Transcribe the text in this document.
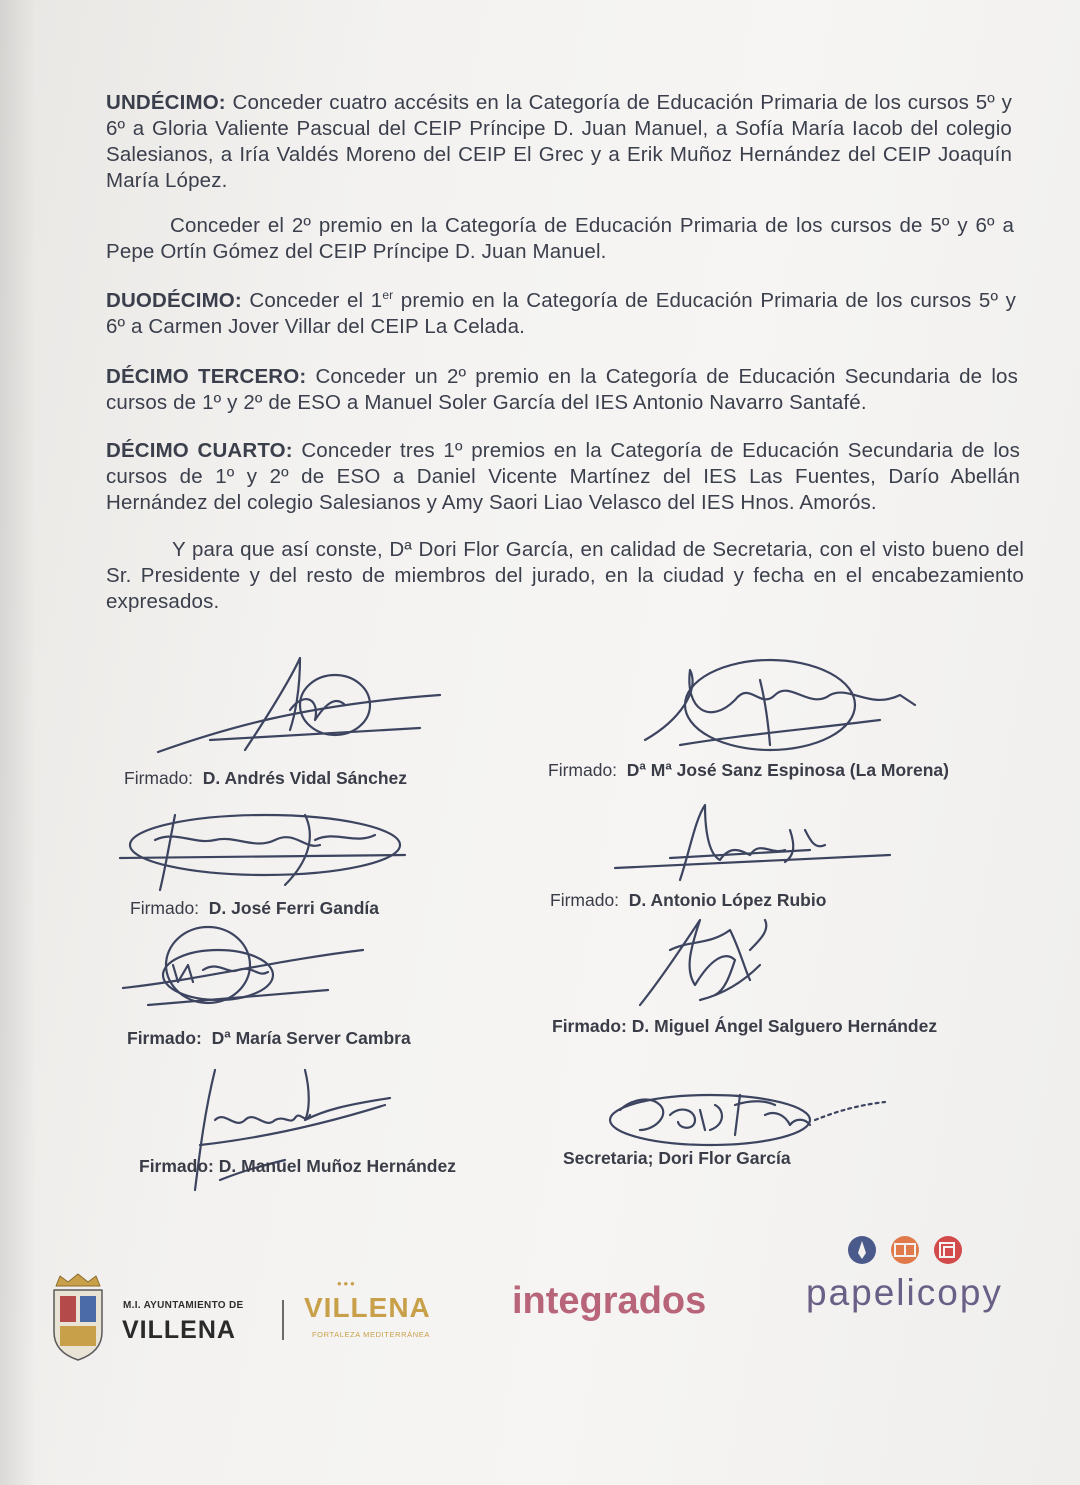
UNDÉCIMO: Conceder cuatro accésits en la Categoría de Educación Primaria de los cursos 5º y 6º a Gloria Valiente Pascual del CEIP Príncipe D. Juan Manuel, a Sofía María Iacob del colegio Salesianos, a Iría Valdés Moreno del CEIP El Grec y a Erik Muñoz Hernández del CEIP Joaquín María López.
Conceder el 2º premio en la Categoría de Educación Primaria de los cursos de 5º y 6º a Pepe Ortín Gómez del CEIP Príncipe D. Juan Manuel.
DUODÉCIMO: Conceder el 1er premio en la Categoría de Educación Primaria de los cursos 5º y 6º a Carmen Jover Villar del CEIP La Celada.
DÉCIMO TERCERO: Conceder un 2º premio en la Categoría de Educación Secundaria de los cursos de 1º y 2º de ESO a Manuel Soler García del IES Antonio Navarro Santafé.
DÉCIMO CUARTO: Conceder tres 1º premios en la Categoría de Educación Secundaria de los cursos de 1º y 2º de ESO a Daniel Vicente Martínez del IES Las Fuentes, Darío Abellán Hernández del colegio Salesianos y Amy Saori Liao Velasco del IES Hnos. Amorós.
Y para que así conste, Dª Dori Flor García, en calidad de Secretaria, con el visto bueno del Sr. Presidente y del resto de miembros del jurado, en la ciudad y fecha en el encabezamiento expresados.
Firmado: D. Andrés Vidal Sánchez	Firmado: Dª Mª José Sanz Espinosa (La Morena)
Firmado: D. José Ferri Gandía	Firmado: D. Antonio López Rubio
Firmado: Dª María Server Cambra
Firmado: D. Miguel Ángel Salguero Hernández
Firmado: D. Manuel Muñoz Hernández	Secretaria; Dori Flor García
M.I. AYUNTAMIENTO DE
VILLENA
•••
VILLENA
FORTALEZA MEDITERRÁNEA
integrados	papelicopy
